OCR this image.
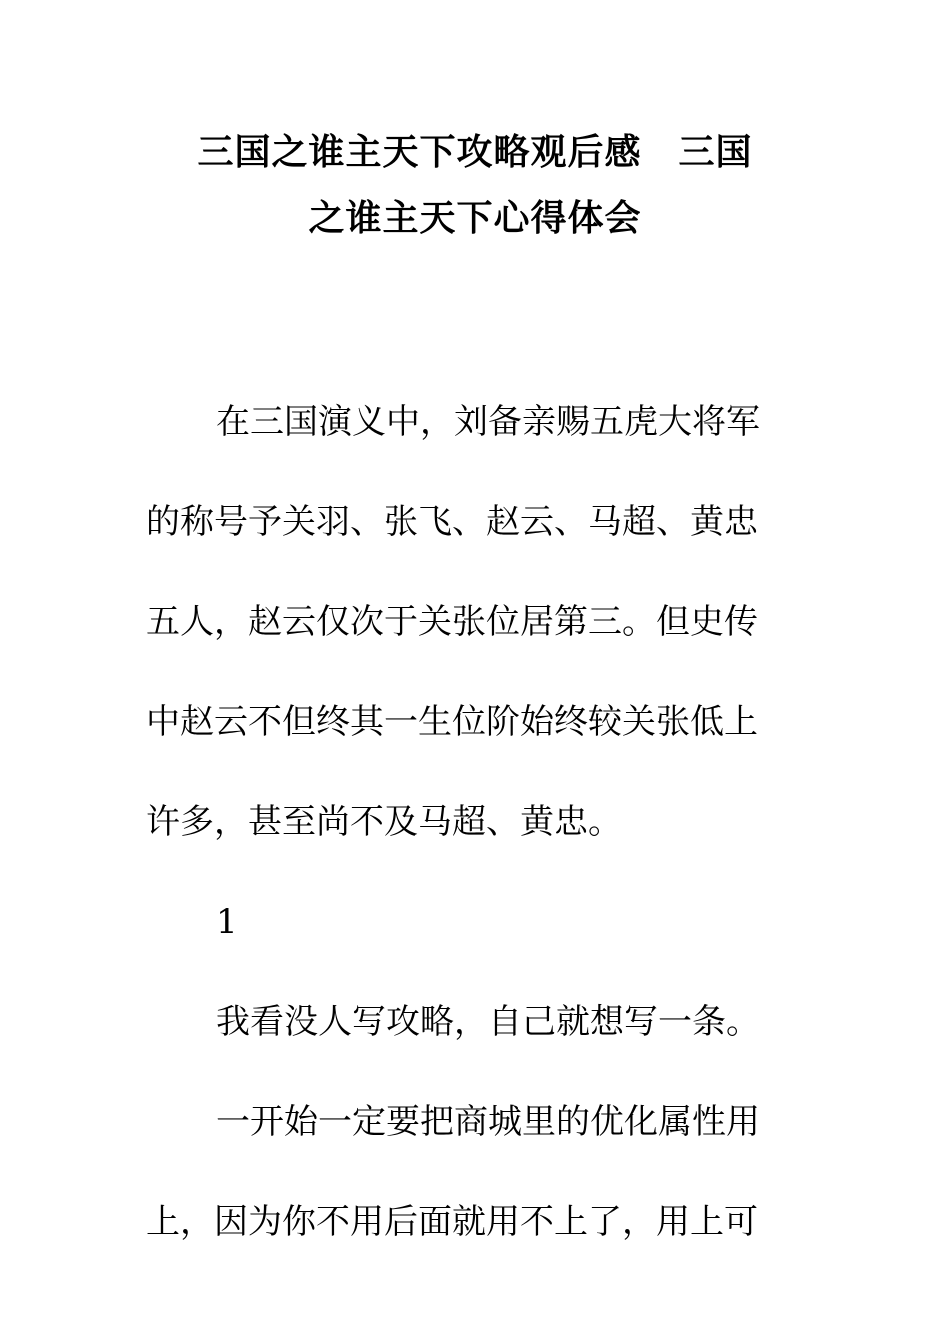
三国之谁主天下攻略观后感　三国
之谁主天下心得体会
在三国演义中，刘备亲赐五虎大将军
的称号予关羽、张飞、赵云、马超、黄忠
五人，赵云仅次于关张位居第三。但史传
中赵云不但终其一生位阶始终较关张低上
许多，甚至尚不及马超、黄忠。
1
我看没人写攻略，自己就想写一条。
一开始一定要把商城里的优化属性用
上，因为你不用后面就用不上了，用上可
